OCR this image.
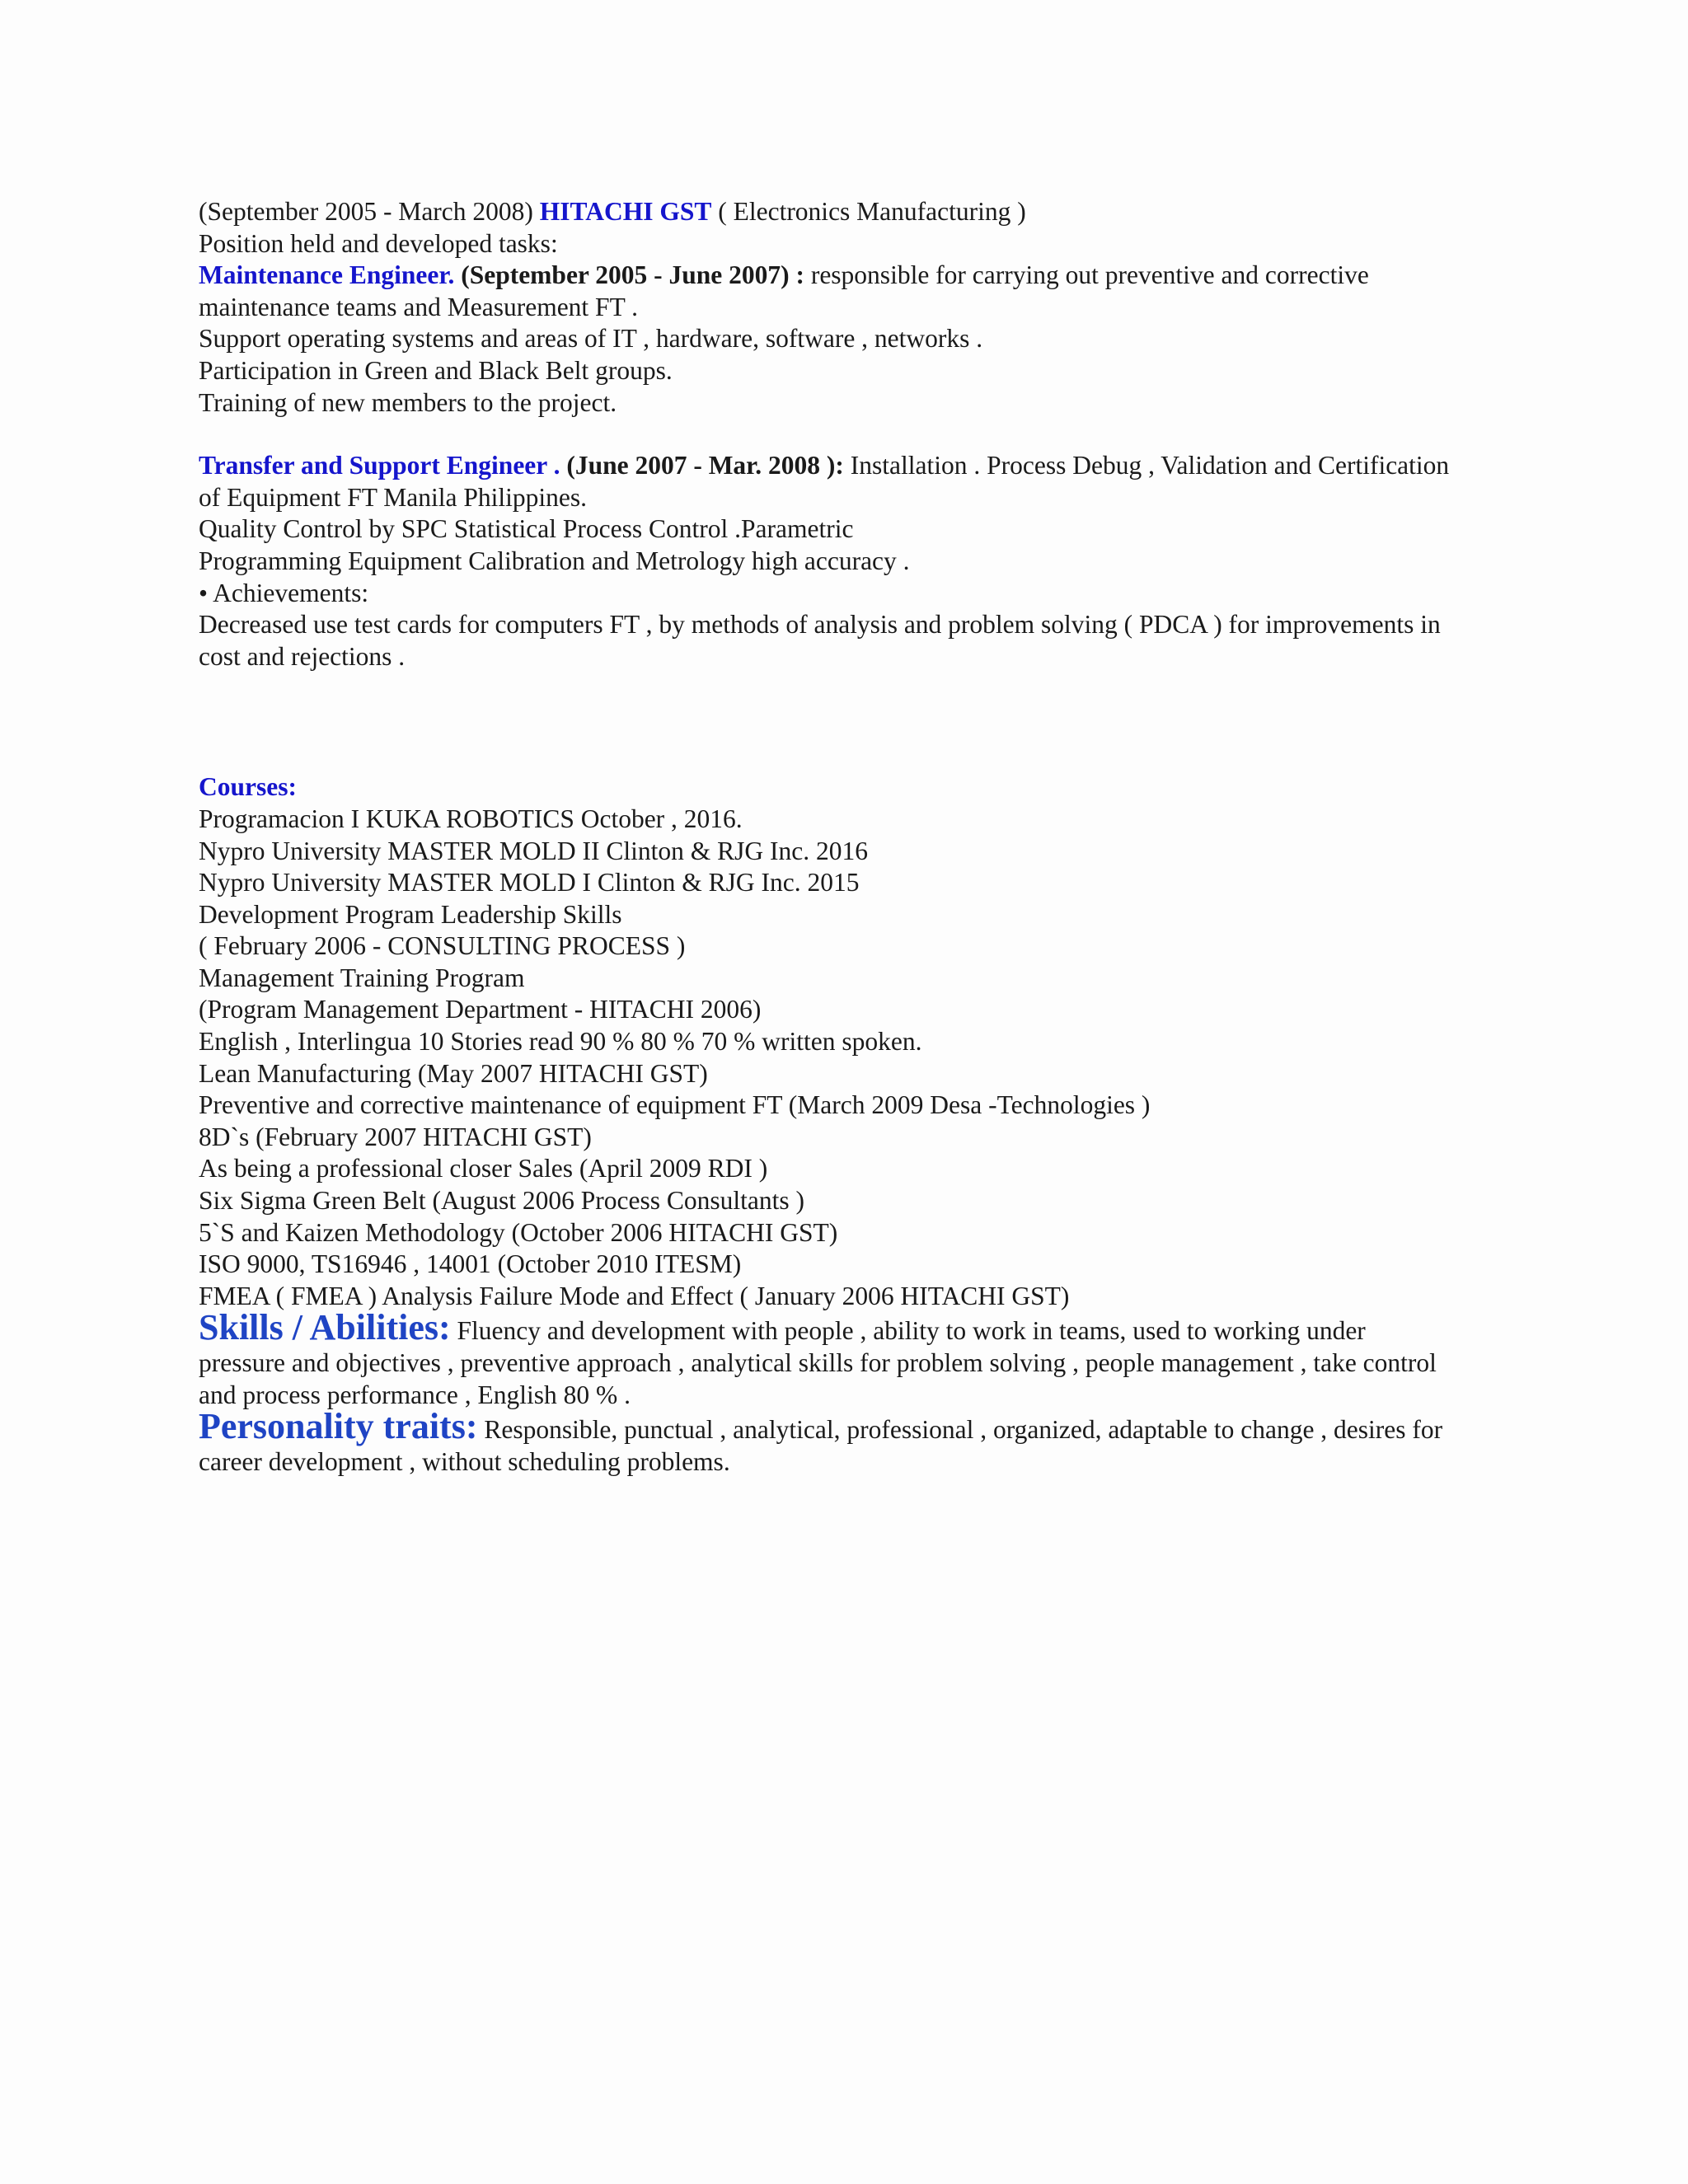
(September 2005 - March 2008) HITACHI GST ( Electronics Manufacturing )
Position held and developed tasks:
Maintenance Engineer. (September 2005 - June 2007) : responsible for carrying out preventive and corrective maintenance teams and Measurement FT .
Support operating systems and areas of IT , hardware, software , networks .
Participation in Green and Black Belt groups.
Training of new members to the project.
Transfer and Support Engineer . (June 2007 - Mar. 2008 ): Installation . Process Debug , Validation and Certification of Equipment FT Manila Philippines.
Quality Control by SPC Statistical Process Control .Parametric
Programming Equipment Calibration and Metrology high accuracy .
• Achievements:
Decreased use test cards for computers FT , by methods of analysis and problem solving ( PDCA ) for improvements in cost and rejections .
Courses:
Programacion I KUKA ROBOTICS October , 2016.
Nypro University MASTER MOLD II Clinton & RJG Inc. 2016
Nypro University MASTER MOLD I Clinton & RJG Inc. 2015
Development Program Leadership Skills
( February 2006 - CONSULTING PROCESS )
Management Training Program
(Program Management Department - HITACHI 2006)
English , Interlingua 10 Stories read 90 % 80 % 70 % written spoken.
Lean Manufacturing (May 2007 HITACHI GST)
Preventive and corrective maintenance of equipment FT (March 2009 Desa -Technologies )
8D`s (February 2007 HITACHI GST)
As being a professional closer Sales (April 2009 RDI )
Six Sigma Green Belt (August 2006 Process Consultants )
5`S and Kaizen Methodology (October 2006 HITACHI GST)
ISO 9000, TS16946 , 14001 (October 2010 ITESM)
FMEA ( FMEA ) Analysis Failure Mode and Effect ( January 2006 HITACHI GST)
Skills / Abilities: Fluency and development with people , ability to work in teams, used to working under pressure and objectives , preventive approach , analytical skills for problem solving , people management , take control and process performance , English 80 % .
Personality traits: Responsible, punctual , analytical, professional , organized, adaptable to change , desires for career development , without scheduling problems.
